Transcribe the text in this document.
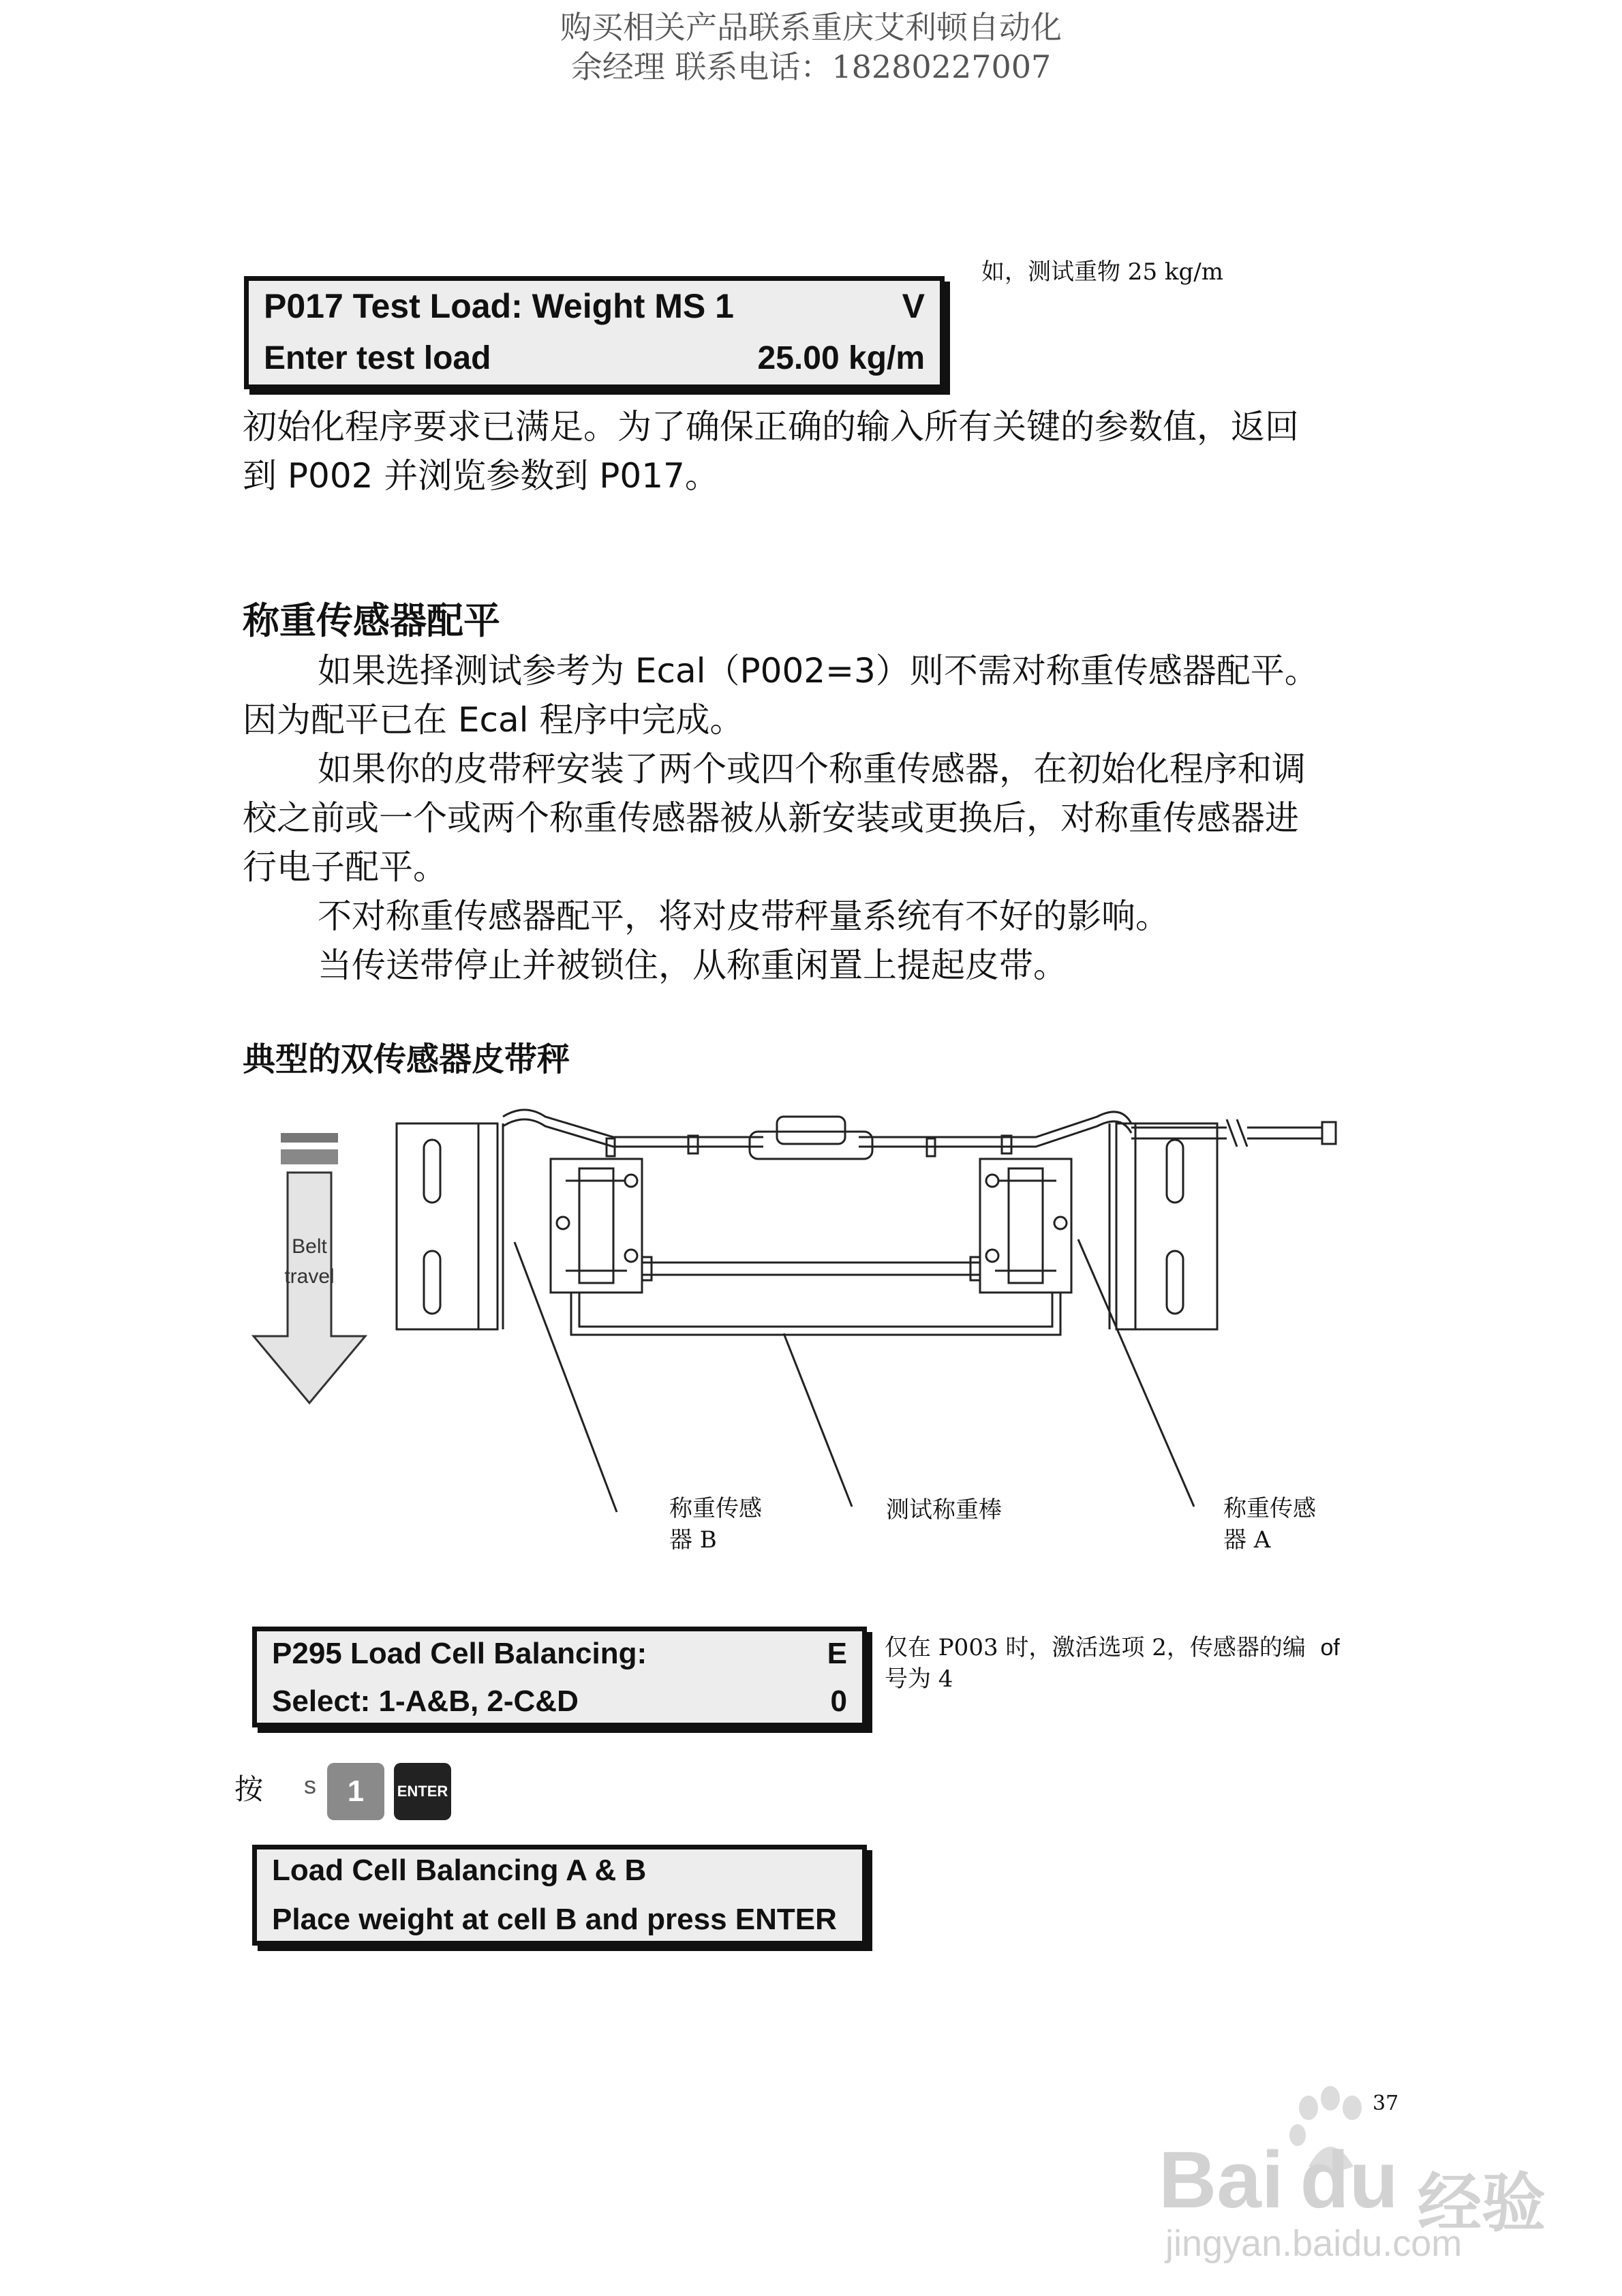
购买相关产品联系重庆艾利顿自动化
余经理 联系电话：18280227007
P017 Test Load: Weight MS 1	V
Enter test load	25.00 kg/m
如，测试重物 25 kg/m
初始化程序要求已满足。为了确保正确的输入所有关键的参数值，返回
到 P002 并浏览参数到 P017。
称重传感器配平
如果选择测试参考为 Ecal（P002=3）则不需对称重传感器配平。
因为配平已在 Ecal 程序中完成。
如果你的皮带秤安装了两个或四个称重传感器，在初始化程序和调
校之前或一个或两个称重传感器被从新安装或更换后，对称重传感器进
行电子配平。
不对称重传感器配平，将对皮带秤量系统有不好的影响。
当传送带停止并被锁住，从称重闲置上提起皮带。
典型的双传感器皮带秤
Belt
travel
称重传感
器 B
测试称重棒	称重传感
器 A
P295 Load Cell Balancing:	E
Select: 1-A&B, 2-C&D	0
仅在 P003 时，激活选项 2，传感器的编 of
号为 4
按 s	1	ENTER
Load Cell Balancing A & B
Place weight at cell B and press ENTER
37
Bai du 经验
jingyan.baidu.com
